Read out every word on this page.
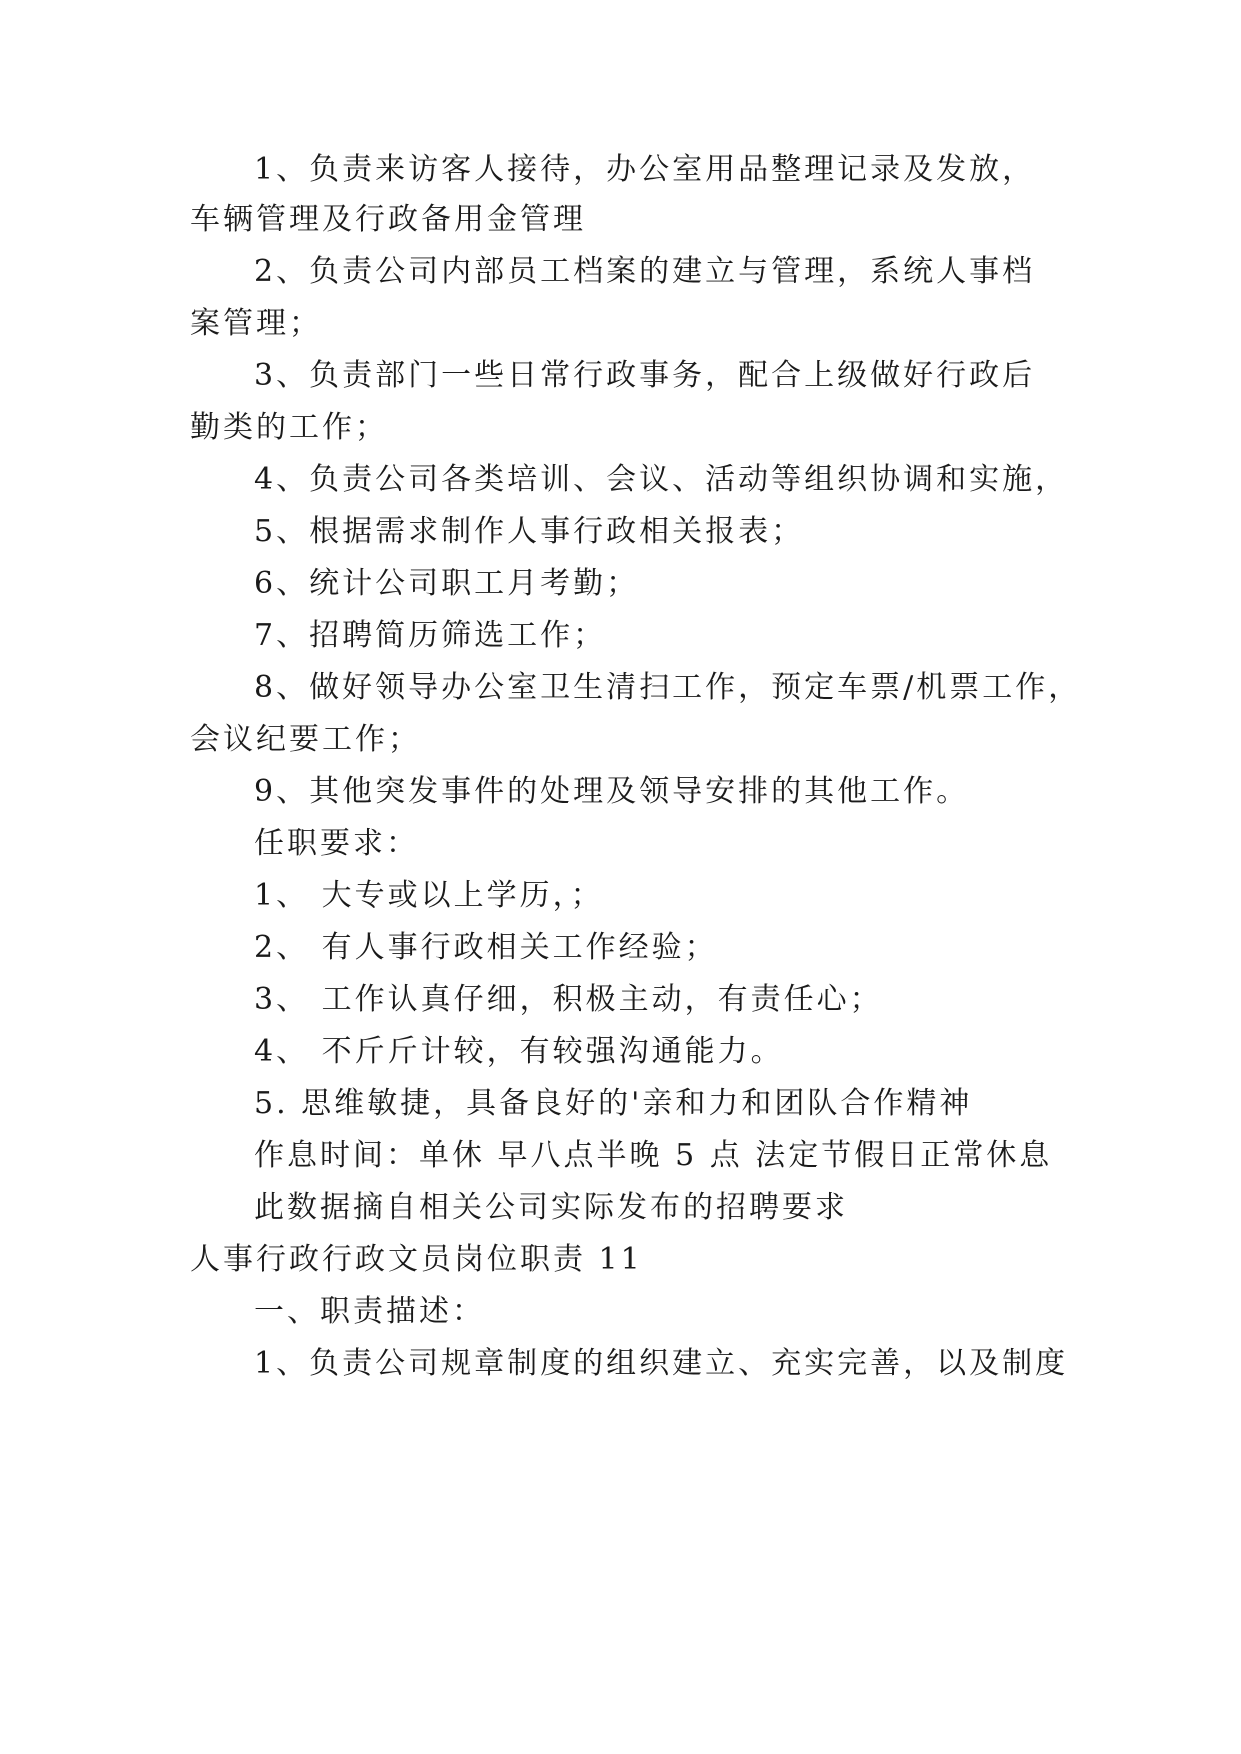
1、负责来访客人接待，办公室用品整理记录及发放，
车辆管理及行政备用金管理
2、负责公司内部员工档案的建立与管理，系统人事档
案管理；
3、负责部门一些日常行政事务，配合上级做好行政后
勤类的工作；
4、负责公司各类培训、会议、活动等组织协调和实施，
5、根据需求制作人事行政相关报表；
6、统计公司职工月考勤；
7、招聘简历筛选工作；
8、做好领导办公室卫生清扫工作，预定车票/机票工作，
会议纪要工作；
9、其他突发事件的处理及领导安排的其他工作。
任职要求：
1、 大专或以上学历，；
2、 有人事行政相关工作经验；
3、 工作认真仔细，积极主动，有责任心；
4、 不斤斤计较，有较强沟通能力。
5. 思维敏捷，具备良好的'亲和力和团队合作精神
作息时间：单休 早八点半晚 5 点 法定节假日正常休息
此数据摘自相关公司实际发布的招聘要求
人事行政行政文员岗位职责 11
一、职责描述：
1、负责公司规章制度的组织建立、充实完善，以及制度
